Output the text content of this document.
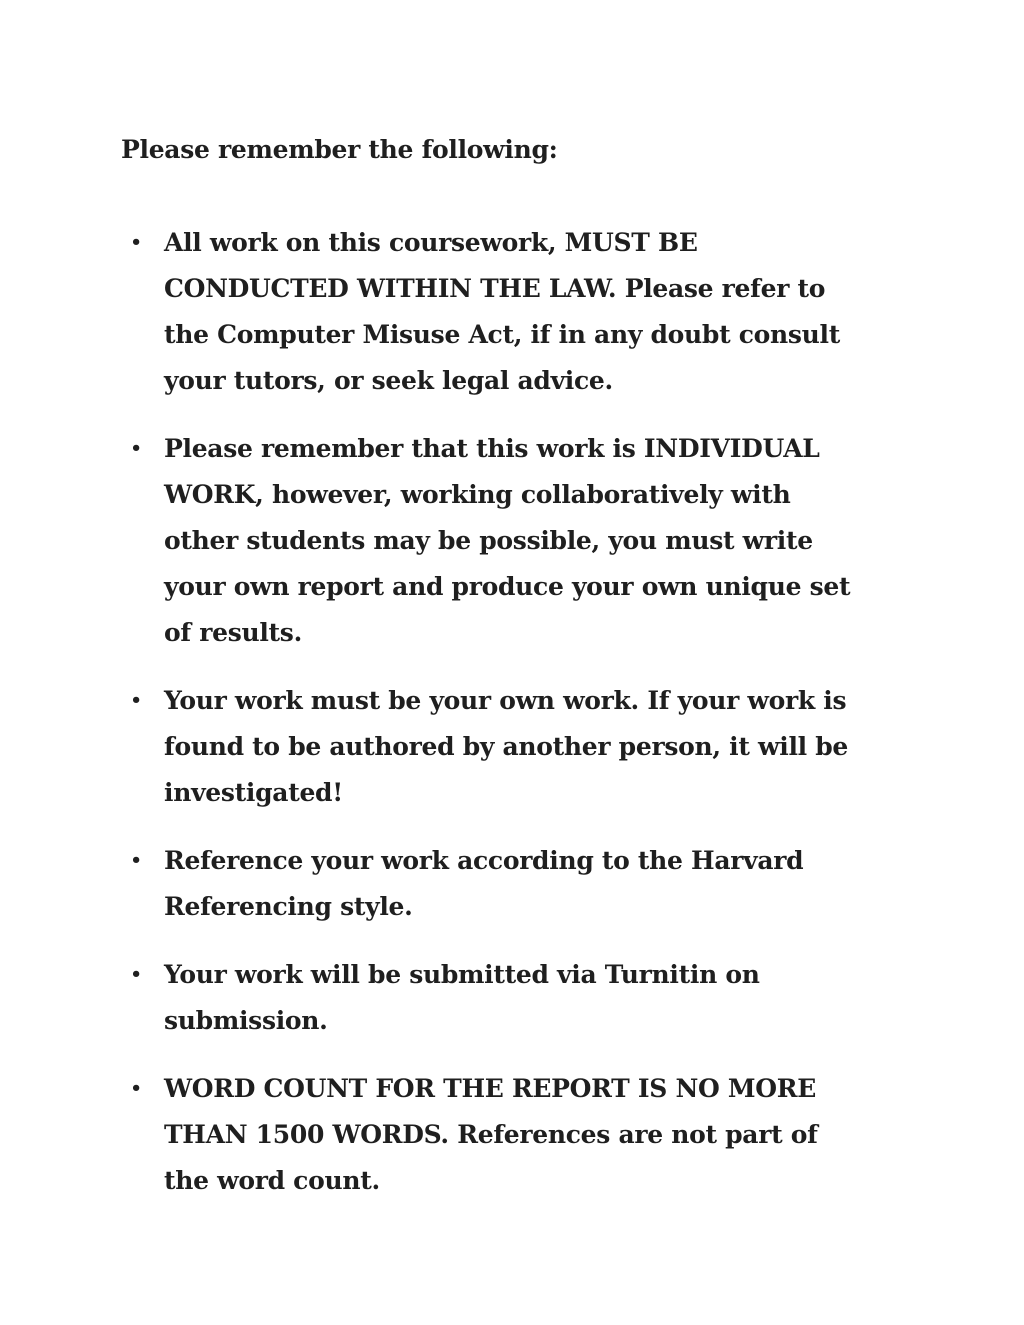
Please remember the following:
• All work on this coursework, MUST BE
CONDUCTED WITHIN THE LAW. Please refer to
the Computer Misuse Act, if in any doubt consult
your tutors, or seek legal advice.
• Please remember that this work is INDIVIDUAL
WORK, however, working collaboratively with
other students may be possible, you must write
your own report and produce your own unique set
of results.
• Your work must be your own work. If your work is
found to be authored by another person, it will be
investigated!
• Reference your work according to the Harvard
Referencing style.
• Your work will be submitted via Turnitin on
submission.
• WORD COUNT FOR THE REPORT IS NO MORE
THAN 1500 WORDS. References are not part of
the word count.
